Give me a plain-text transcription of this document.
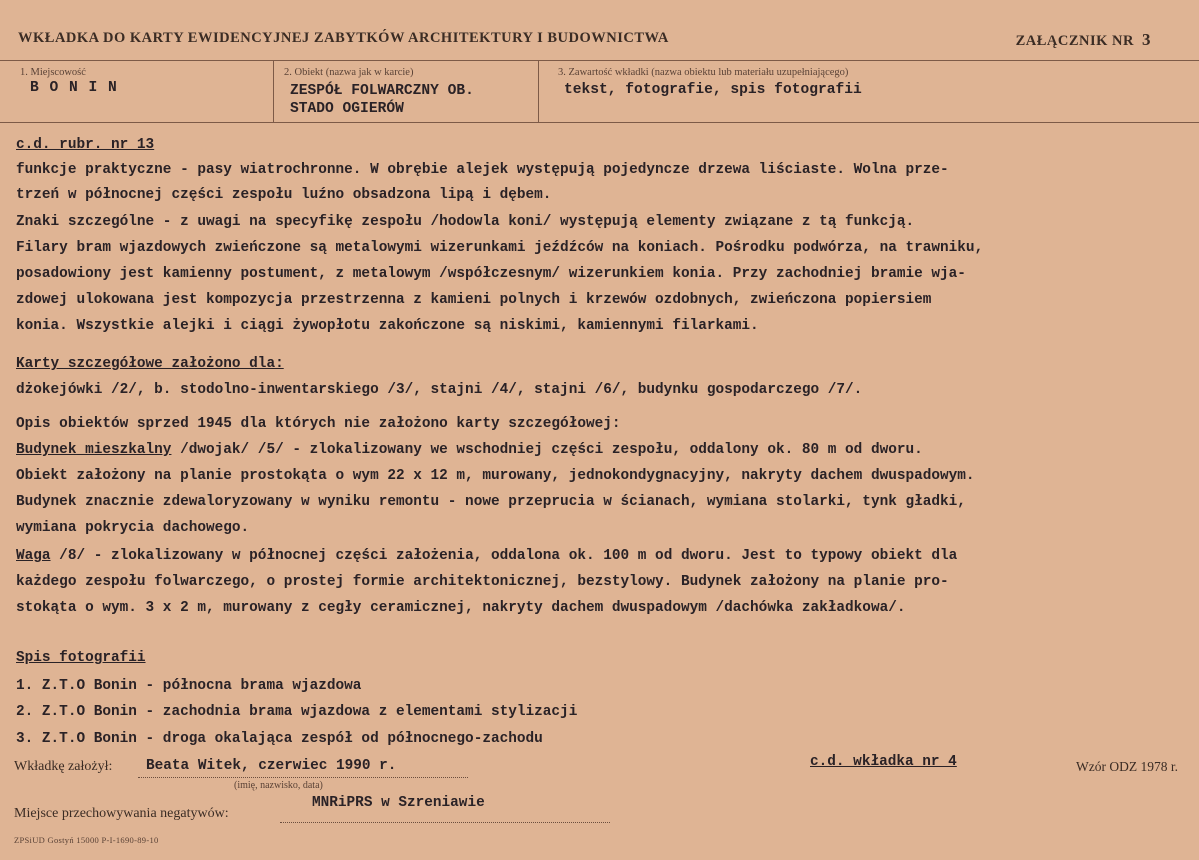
WKŁADKA DO KARTY EWIDENCYJNEJ ZABYTKÓW ARCHITEKTURY I BUDOWNICTWA	ZAŁĄCZNIK NR 3
1. Miejscowość
B O N I N
2. Obiekt (nazwa jak w karcie)
ZESPÓŁ FOLWARCZNY OB.
STADO OGIERÓW
3. Zawartość wkładki (nazwa obiektu lub materiału uzupełniającego)
tekst, fotografie, spis fotografii
c.d. rubr. nr 13
funkcje praktyczne - pasy wiatrochronne. W obrębie alejek występują pojedyncze drzewa liściaste. Wolna prze-
trzeń w północnej części zespołu luźno obsadzona lipą i dębem.
Znaki szczególne - z uwagi na specyfikę zespołu /hodowla koni/ występują elementy związane z tą funkcją.
Filary bram wjazdowych zwieńczone są metalowymi wizerunkami jeźdźców na koniach. Pośrodku podwórza, na trawniku,
posadowiony jest kamienny postument, z metalowym /współczesnym/ wizerunkiem konia. Przy zachodniej bramie wja-
zdowej ulokowana jest kompozycja przestrzenna z kamieni polnych i krzewów ozdobnych, zwieńczona popiersiem
konia. Wszystkie alejki i ciągi żywopłotu zakończone są niskimi, kamiennymi filarkami.
Karty szczegółowe założono dla:
dżokejówki /2/, b. stodolno-inwentarskiego /3/, stajni /4/, stajni /6/, budynku gospodarczego /7/.
Opis obiektów sprzed 1945 dla których nie założono karty szczegółowej:
Budynek mieszkalny /dwojak/ /5/ - zlokalizowany we wschodniej części zespołu, oddalony ok. 80 m od dworu.
Obiekt założony na planie prostokąta o wym 22 x 12 m, murowany, jednokondygnacyjny, nakryty dachem dwuspadowym.
Budynek znacznie zdewaloryzowany w wyniku remontu - nowe przeprucia w ścianach, wymiana stolarki, tynk gładki,
wymiana pokrycia dachowego.
Waga /8/ - zlokalizowany w północnej części założenia, oddalona ok. 100 m od dworu. Jest to typowy obiekt dla
każdego zespołu folwarczego, o prostej formie architektonicznej, bezstylowy. Budynek założony na planie pro-
stokąta o wym. 3 x 2 m, murowany z cegły ceramicznej, nakryty dachem dwuspadowym /dachówka zakładkowa/.
Spis fotografii
1. Z.T.O Bonin - północna brama wjazdowa
2. Z.T.O Bonin - zachodnia brama wjazdowa z elementami stylizacji
3. Z.T.O Bonin - droga okalająca zespół od północnego-zachodu
Wkładkę założył: Beata Witek, czerwiec 1990 r.
(imię, nazwisko, data)
c.d. wkładka nr 4	Wzór ODZ 1978 r.
Miejsce przechowywania negatywów:
MNRiPRS w Szreniawie
ZPSiUD Gostyń 15000 P-I-1690-89-10
